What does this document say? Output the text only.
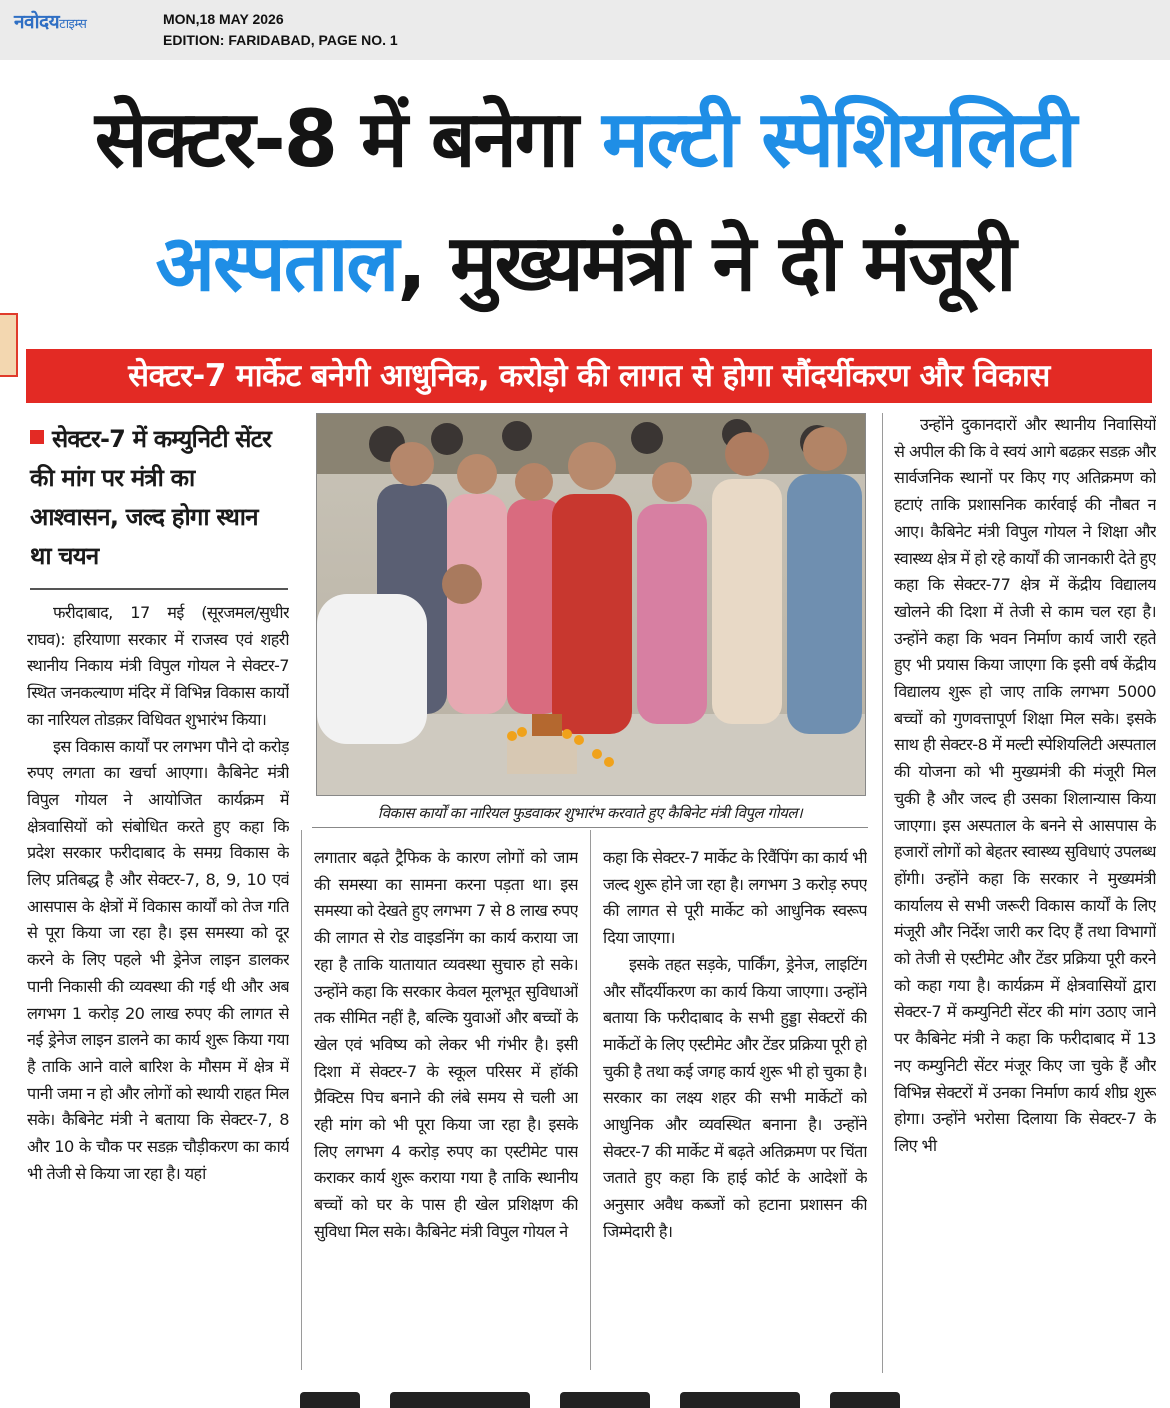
नवोदयटाइम्स	MON,18 MAY 2026
EDITION: FARIDABAD, PAGE NO. 1
सेक्टर-8 में बनेगा मल्टी स्पेशियलिटी
अस्पताल, मुख्यमंत्री ने दी मंजूरी
सेक्टर-7 मार्केट बनेगी आधुनिक, करोड़ो की लागत से होगा सौंदर्यीकरण और विकास
सेक्टर-7 में कम्युनिटी सेंटर की मांग पर मंत्री का आश्वासन, जल्द होगा स्थान था चयन

फरीदाबाद, 17 मई (सूरजमल/सुधीर राघव): हरियाणा सरकार में राजस्व एवं शहरी स्थानीय निकाय मंत्री विपुल गोयल ने सेक्टर-7 स्थित जनकल्याण मंदिर में विभिन्न विकास कार्यों का नारियल तोडक़र विधिवत शुभारंभ किया।

इस विकास कार्यों पर लगभग पौने दो करोड़ रुपए लगता का खर्चा आएगा। कैबिनेट मंत्री विपुल गोयल ने आयोजित कार्यक्रम में क्षेत्रवासियों को संबोधित करते हुए कहा कि प्रदेश सरकार फरीदाबाद के समग्र विकास के लिए प्रतिबद्ध है और सेक्टर-7, 8, 9, 10 एवं आसपास के क्षेत्रों में विकास कार्यों को तेज गति से पूरा किया जा रहा है। इस समस्या को दूर करने के लिए पहले भी ड्रेनेज लाइन डालकर पानी निकासी की व्यवस्था की गई थी और अब लगभग 1 करोड़ 20 लाख रुपए की लागत से नई ड्रेनेज लाइन डालने का कार्य शुरू किया गया है ताकि आने वाले बारिश के मौसम में क्षेत्र में पानी जमा न हो और लोगों को स्थायी राहत मिल सके। कैबिनेट मंत्री ने बताया कि सेक्टर-7, 8 और 10 के चौक पर सडक़ चौड़ीकरण का कार्य भी तेजी से किया जा रहा है। यहां

विकास कार्यों का नारियल फुडवाकर शुभारंभ करवाते हुए कैबिनेट मंत्री विपुल गोयल।

लगातार बढ़ते ट्रैफिक के कारण लोगों को जाम की समस्या का सामना करना पड़ता था। इस समस्या को देखते हुए लगभग 7 से 8 लाख रुपए की लागत से रोड वाइडनिंग का कार्य कराया जा रहा है ताकि यातायात व्यवस्था सुचारु हो सके। उन्होंने कहा कि सरकार केवल मूलभूत सुविधाओं तक सीमित नहीं है, बल्कि युवाओं और बच्चों के खेल एवं भविष्य को लेकर भी गंभीर है। इसी दिशा में सेक्टर-7 के स्कूल परिसर में हॉकी प्रैक्टिस पिच बनाने की लंबे समय से चली आ रही मांग को भी पूरा किया जा रहा है। इसके लिए लगभग 4 करोड़ रुपए का एस्टीमेट पास कराकर कार्य शुरू कराया गया है ताकि स्थानीय बच्चों को घर के पास ही खेल प्रशिक्षण की सुविधा मिल सके। कैबिनेट मंत्री विपुल गोयल ने

कहा कि सेक्टर-7 मार्केट के रिवैंपिंग का कार्य भी जल्द शुरू होने जा रहा है। लगभग 3 करोड़ रुपए की लागत से पूरी मार्केट को आधुनिक स्वरूप दिया जाएगा।

इसके तहत सड़के, पार्किंग, ड्रेनेज, लाइटिंग और सौंदर्यीकरण का कार्य किया जाएगा। उन्होंने बताया कि फरीदाबाद के सभी हुड्डा सेक्टरों की मार्केटों के लिए एस्टीमेट और टेंडर प्रक्रिया पूरी हो चुकी है तथा कई जगह कार्य शुरू भी हो चुका है। सरकार का लक्ष्य शहर की सभी मार्केटों को आधुनिक और व्यवस्थित बनाना है। उन्होंने सेक्टर-7 की मार्केट में बढ़ते अतिक्रमण पर चिंता जताते हुए कहा कि हाई कोर्ट के आदेशों के अनुसार अवैध कब्जों को हटाना प्रशासन की जिम्मेदारी है।

उन्होंने दुकानदारों और स्थानीय निवासियों से अपील की कि वे स्वयं आगे बढक़र सडक़ और सार्वजनिक स्थानों पर किए गए अतिक्रमण को हटाएं ताकि प्रशासनिक कार्रवाई की नौबत न आए। कैबिनेट मंत्री विपुल गोयल ने शिक्षा और स्वास्थ्य क्षेत्र में हो रहे कार्यों की जानकारी देते हुए कहा कि सेक्टर-77 क्षेत्र में केंद्रीय विद्यालय खोलने की दिशा में तेजी से काम चल रहा है। उन्होंने कहा कि भवन निर्माण कार्य जारी रहते हुए भी प्रयास किया जाएगा कि इसी वर्ष केंद्रीय विद्यालय शुरू हो जाए ताकि लगभग 5000 बच्चों को गुणवत्तापूर्ण शिक्षा मिल सके। इसके साथ ही सेक्टर-8 में मल्टी स्पेशियलिटी अस्पताल की योजना को भी मुख्यमंत्री की मंजूरी मिल चुकी है और जल्द ही उसका शिलान्यास किया जाएगा। इस अस्पताल के बनने से आसपास के हजारों लोगों को बेहतर स्वास्थ्य सुविधाएं उपलब्ध होंगी। उन्होंने कहा कि सरकार ने मुख्यमंत्री कार्यालय से सभी जरूरी विकास कार्यों के लिए मंजूरी और निर्देश जारी कर दिए हैं तथा विभागों को तेजी से एस्टीमेट और टेंडर प्रक्रिया पूरी करने को कहा गया है। कार्यक्रम में क्षेत्रवासियों द्वारा सेक्टर-7 में कम्युनिटी सेंटर की मांग उठाए जाने पर कैबिनेट मंत्री ने कहा कि फरीदाबाद में 13 नए कम्युनिटी सेंटर मंजूर किए जा चुके हैं और विभिन्न सेक्टरों में उनका निर्माण कार्य शीघ्र शुरू होगा। उन्होंने भरोसा दिलाया कि सेक्टर-7 के लिए भी
